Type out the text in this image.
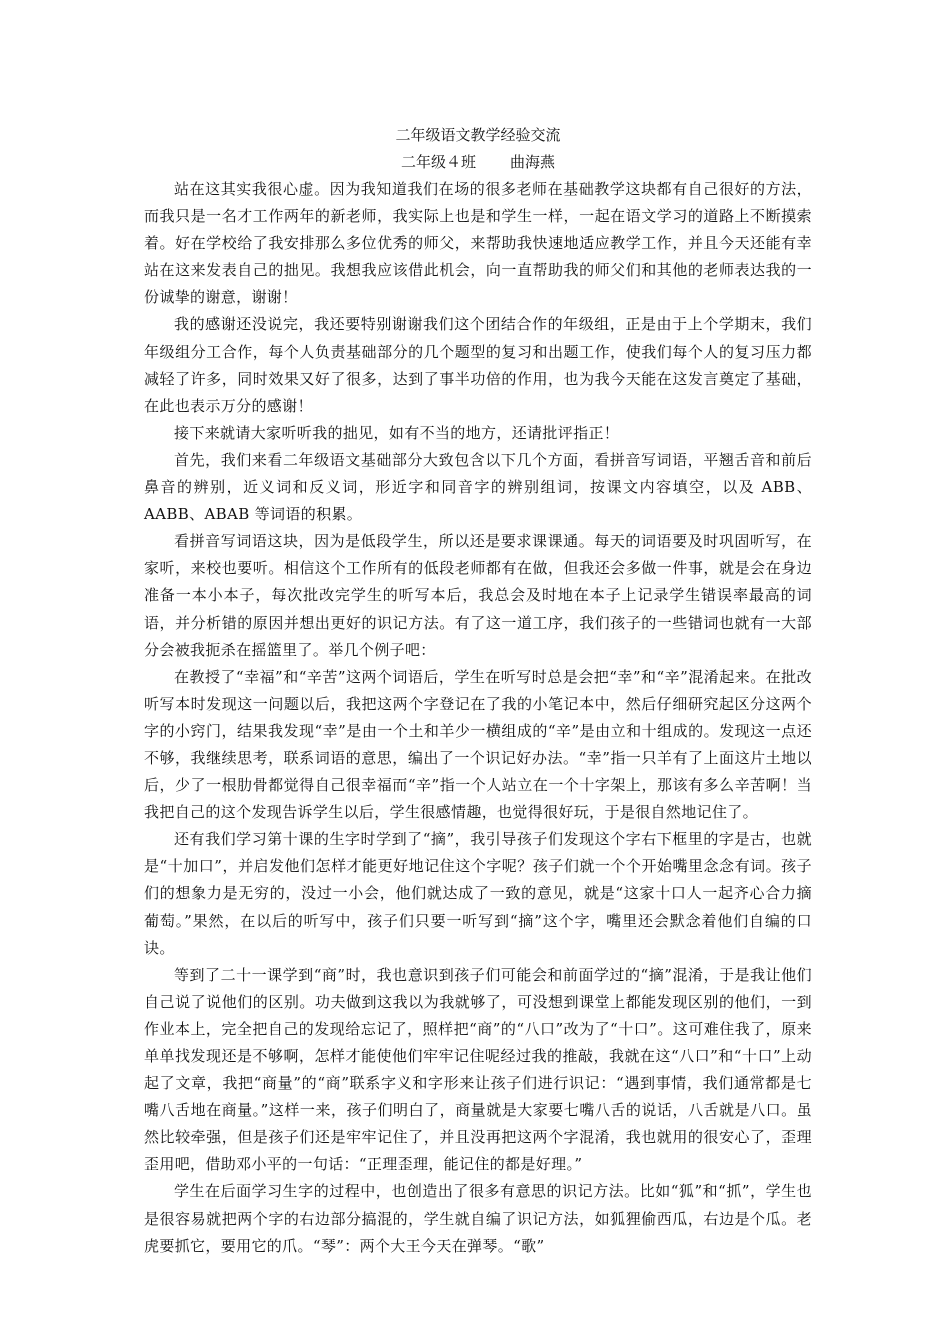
二年级语文教学经验交流
二年级４班 曲海燕

站在这其实我很心虚。因为我知道我们在场的很多老师在基础教学这块都有自己很好的方法，而我只是一名才工作两年的新老师，我实际上也是和学生一样，一起在语文学习的道路上不断摸索着。好在学校给了我安排那么多位优秀的师父，来帮助我快速地适应教学工作，并且今天还能有幸站在这来发表自己的拙见。我想我应该借此机会，向一直帮助我的师父们和其他的老师表达我的一份诚挚的谢意，谢谢！

我的感谢还没说完，我还要特别谢谢我们这个团结合作的年级组，正是由于上个学期末，我们年级组分工合作，每个人负责基础部分的几个题型的复习和出题工作，使我们每个人的复习压力都减轻了许多，同时效果又好了很多，达到了事半功倍的作用，也为我今天能在这发言奠定了基础，在此也表示万分的感谢！

接下来就请大家听听我的拙见，如有不当的地方，还请批评指正！

首先，我们来看二年级语文基础部分大致包含以下几个方面，看拼音写词语，平翘舌音和前后鼻音的辨别，近义词和反义词，形近字和同音字的辨别组词，按课文内容填空，以及 ABB、AABB、ABAB 等词语的积累。

看拼音写词语这块，因为是低段学生，所以还是要求课课通。每天的词语要及时巩固听写，在家听，来校也要听。相信这个工作所有的低段老师都有在做，但我还会多做一件事，就是会在身边准备一本小本子，每次批改完学生的听写本后，我总会及时地在本子上记录学生错误率最高的词语，并分析错的原因并想出更好的识记方法。有了这一道工序，我们孩子的一些错词也就有一大部分会被我扼杀在摇篮里了。举几个例子吧：

在教授了“幸福”和“辛苦”这两个词语后，学生在听写时总是会把“幸”和“辛”混淆起来。在批改听写本时发现这一问题以后，我把这两个字登记在了我的小笔记本中，然后仔细研究起区分这两个字的小窍门，结果我发现“幸”是由一个土和羊少一横组成的“辛”是由立和十组成的。发现这一点还不够，我继续思考，联系词语的意思，编出了一个识记好办法。“幸”指一只羊有了上面这片土地以后，少了一根肋骨都觉得自己很幸福而“辛”指一个人站立在一个十字架上，那该有多么辛苦啊！当我把自己的这个发现告诉学生以后，学生很感情趣，也觉得很好玩，于是很自然地记住了。

还有我们学习第十课的生字时学到了“摘”，我引导孩子们发现这个字右下框里的字是古，也就是“十加口”，并启发他们怎样才能更好地记住这个字呢？孩子们就一个个开始嘴里念念有词。孩子们的想象力是无穷的，没过一小会，他们就达成了一致的意见，就是“这家十口人一起齐心合力摘葡萄。”果然，在以后的听写中，孩子们只要一听写到“摘”这个字，嘴里还会默念着他们自编的口诀。

等到了二十一课学到“商”时，我也意识到孩子们可能会和前面学过的“摘”混淆，于是我让他们自己说了说他们的区别。功夫做到这我以为我就够了，可没想到课堂上都能发现区别的他们，一到作业本上，完全把自己的发现给忘记了，照样把“商”的“八口”改为了“十口”。这可难住我了，原来单单找发现还是不够啊，怎样才能使他们牢牢记住呢经过我的推敲，我就在这“八口”和“十口”上动起了文章，我把“商量”的“商”联系字义和字形来让孩子们进行识记：“遇到事情，我们通常都是七嘴八舌地在商量。”这样一来，孩子们明白了，商量就是大家要七嘴八舌的说话，八舌就是八口。虽然比较牵强，但是孩子们还是牢牢记住了，并且没再把这两个字混淆，我也就用的很安心了，歪理歪用吧，借助邓小平的一句话：“正理歪理，能记住的都是好理。”

学生在后面学习生字的过程中，也创造出了很多有意思的识记方法。比如“狐”和“抓”，学生也是很容易就把两个字的右边部分搞混的，学生就自编了识记方法，如狐狸偷西瓜，右边是个瓜。老虎要抓它，要用它的爪。“琴”：两个大王今天在弹琴。“歌”
